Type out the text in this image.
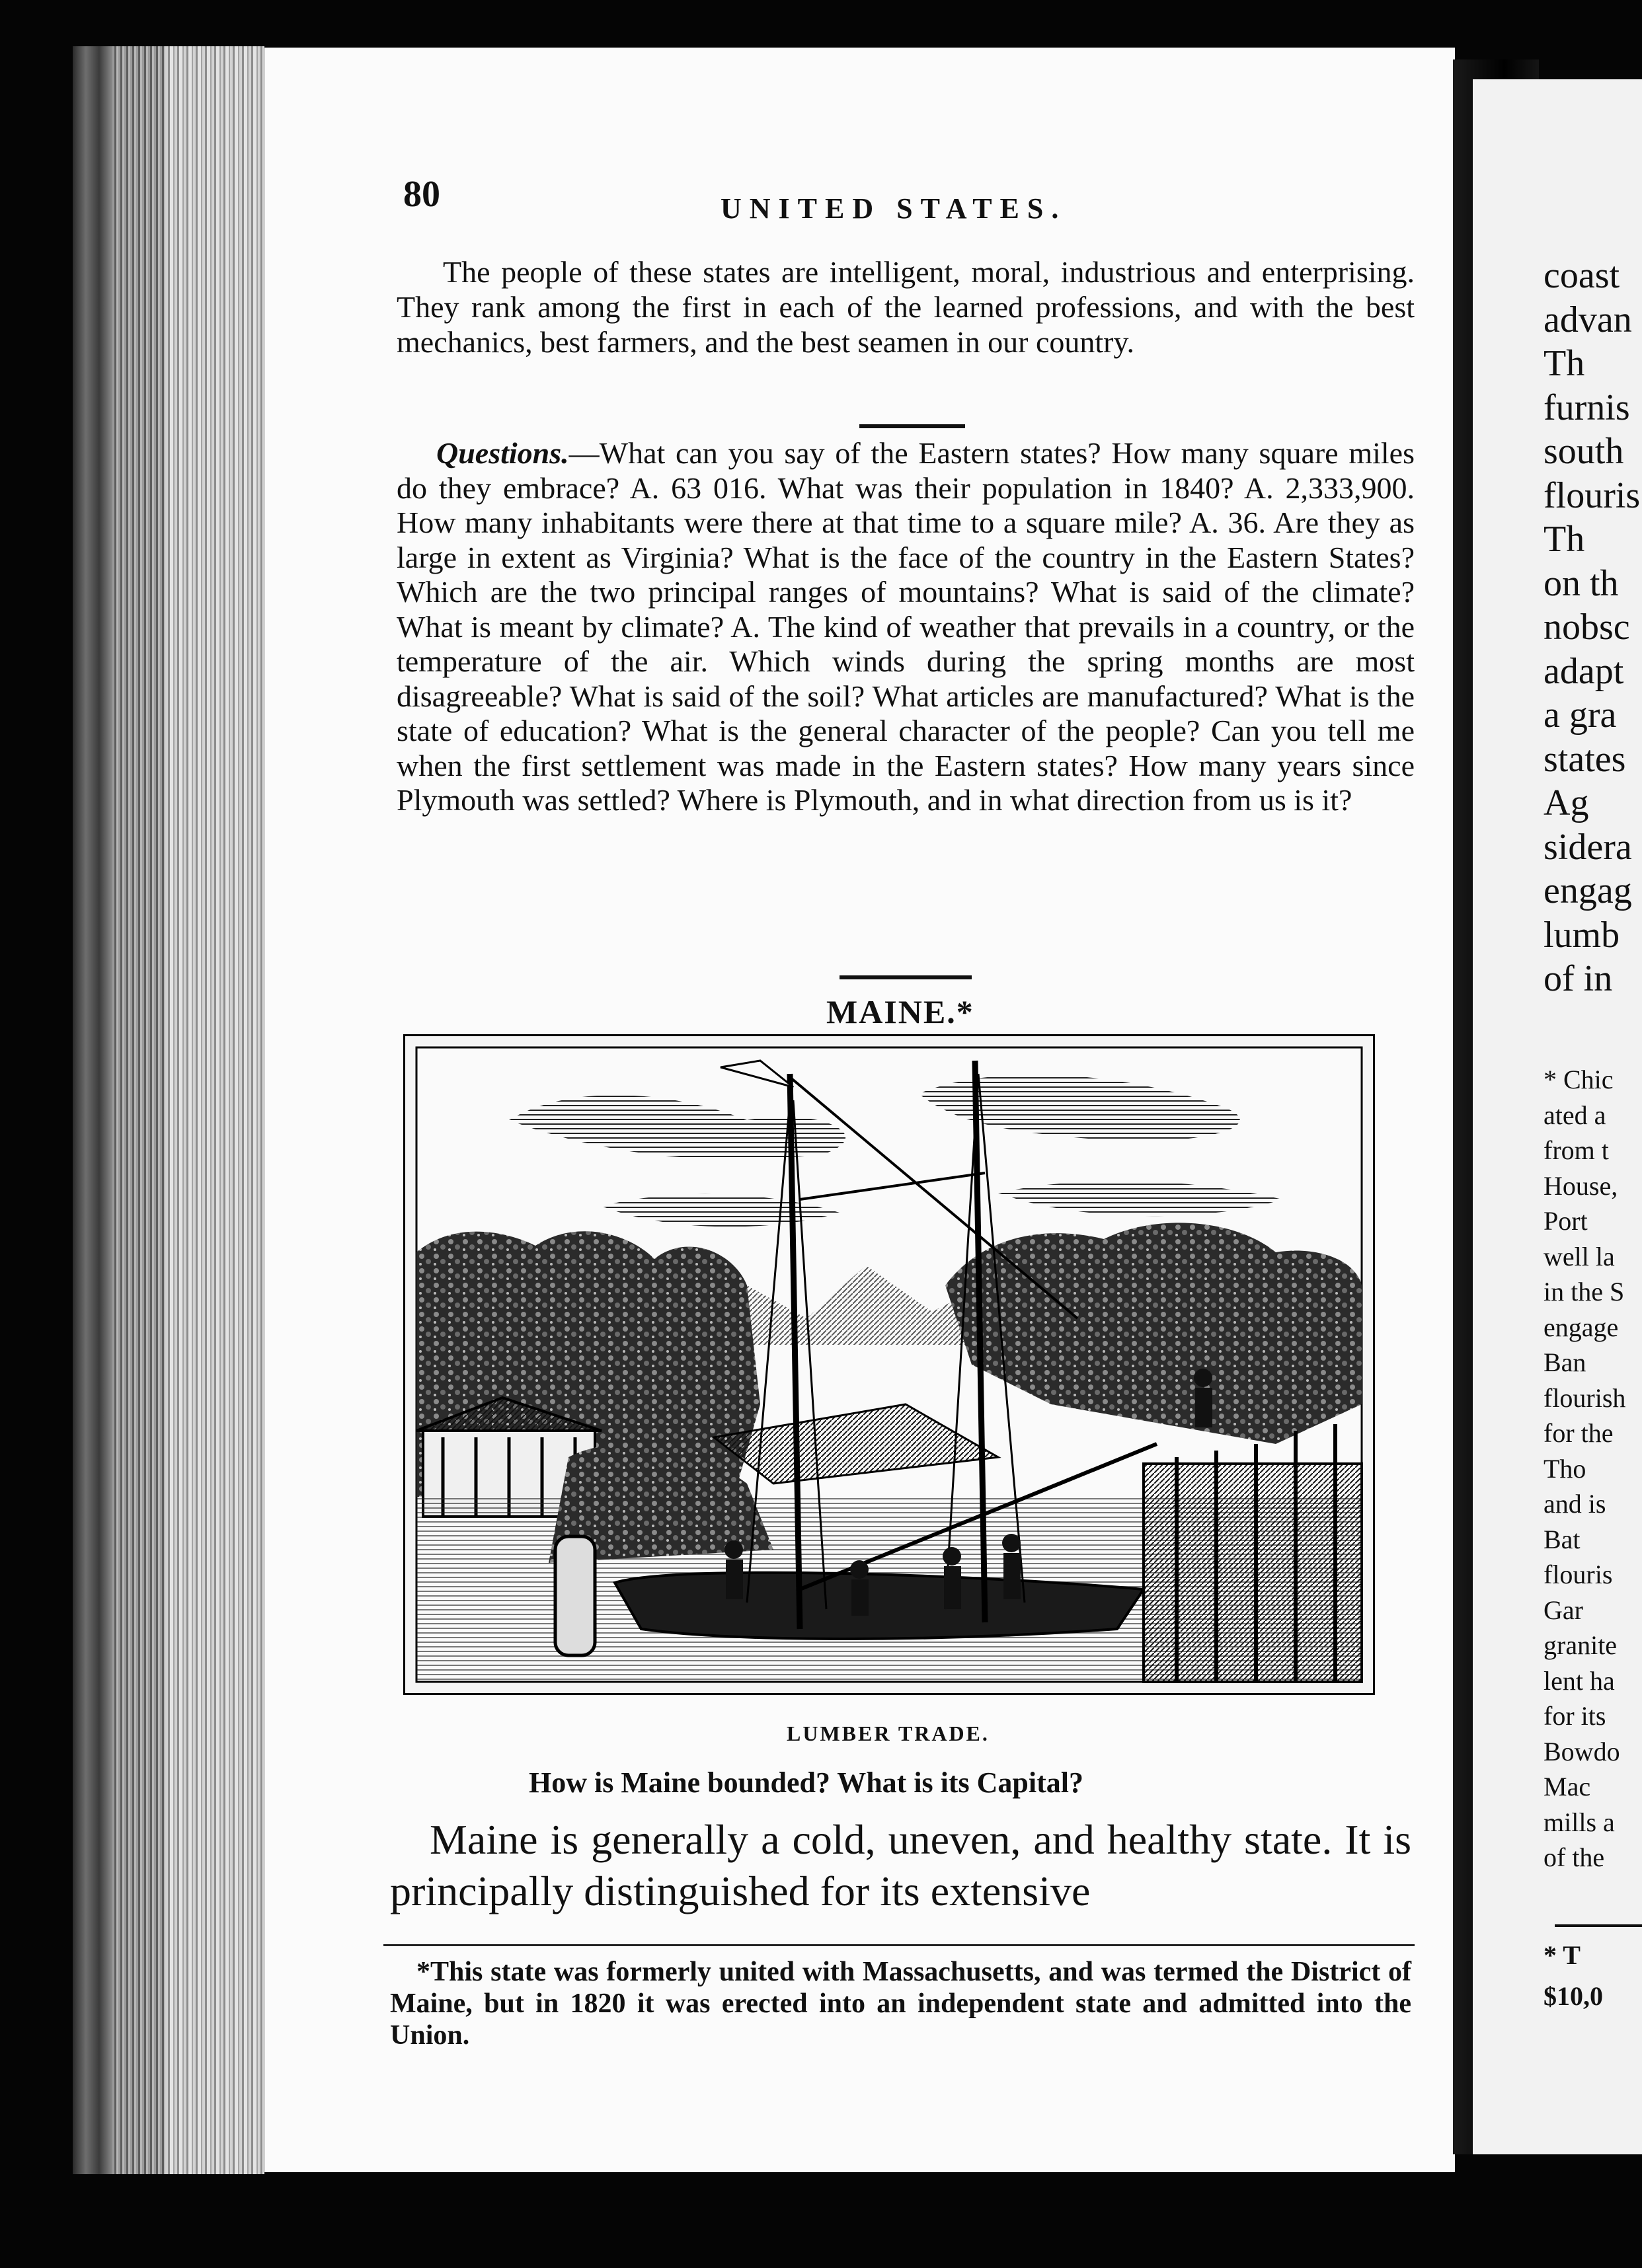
80	UNITED STATES.

The people of these states are intelligent, moral, industrious and enterprising. They rank among the first in each of the learned professions, and with the best mechanics, best farmers, and the best seamen in our country.

Questions.—What can you say of the Eastern states? How many square miles do they embrace? A. 63 016. What was their population in 1840? A. 2,333,900. How many inhabitants were there at that time to a square mile? A. 36. Are they as large in extent as Virginia? What is the face of the country in the Eastern States? Which are the two principal ranges of mountains? What is said of the climate? What is meant by climate? A. The kind of weather that prevails in a country, or the temperature of the air. Which winds during the spring months are most disagreeable? What is said of the soil? What articles are manufactured? What is the state of education? What is the general character of the people? Can you tell me when the first settlement was made in the Eastern states? How many years since Plymouth was settled? Where is Plymouth, and in what direction from us is it?

MAINE.*
LUMBER TRADE.
How is Maine bounded? What is its Capital?

Maine is generally a cold, uneven, and healthy state. It is principally distinguished for its extensive

*This state was formerly united with Massachusetts, and was termed the District of Maine, but in 1820 it was erected into an independent state and admitted into the Union.

coast

advan

Th

furnis

south

flouris

Th

on th

nobsc

adapt

a gra

states

Ag

sidera

engag

lumb

of in

* Chic

ated a

from t

House,

Port

well la

in the S

engage

Ban

flourish

for the

Tho

and is

Bat

flouris

Gar

granite

lent ha

for its

Bowdo

Mac

mills a

of the

* T

$10,0
